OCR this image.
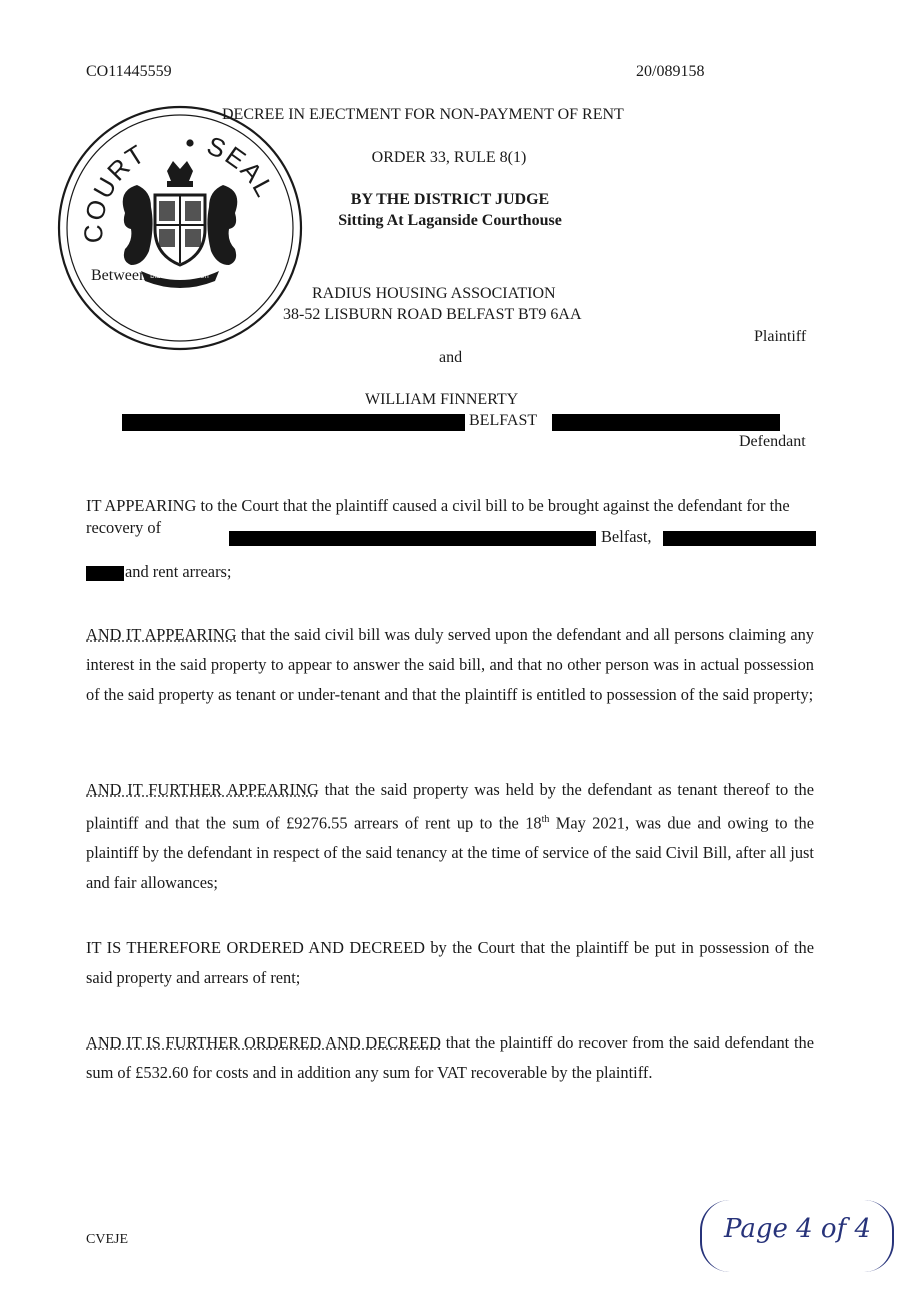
CO11445559	20/089158

DECREE IN EJECTMENT FOR NON-PAYMENT OF RENT
ORDER 33, RULE 8(1)
BY THE DISTRICT JUDGE
Sitting At Laganside Courthouse
COURT SEAL
DIEU ET MON DROIT
Between
RADIUS HOUSING ASSOCIATION
38-52 LISBURN ROAD BELFAST BT9 6AA
Plaintiff
and
WILLIAM FINNERTY
BELFAST
Defendant
IT APPEARING to the Court that the plaintiff caused a civil bill to be brought against the defendant for the recovery of	Belfast,
and rent arrears;
AND IT APPEARING that the said civil bill was duly served upon the defendant and all persons claiming any interest in the said property to appear to answer the said bill, and that no other person was in actual possession of the said property as tenant or under-tenant and that the plaintiff is entitled to possession of the said property;
AND IT FURTHER APPEARING that the said property was held by the defendant as tenant thereof to the plaintiff and that the sum of £9276.55 arrears of rent up to the 18th May 2021, was due and owing to the plaintiff by the defendant in respect of the said tenancy at the time of service of the said Civil Bill, after all just and fair allowances;
IT IS THEREFORE ORDERED AND DECREED by the Court that the plaintiff be put in possession of the said property and arrears of rent;
AND IT IS FURTHER ORDERED AND DECREED that the plaintiff do recover from the said defendant the sum of £532.60 for costs and in addition any sum for VAT recoverable by the plaintiff.
CVEJE	Page 4 of 4
